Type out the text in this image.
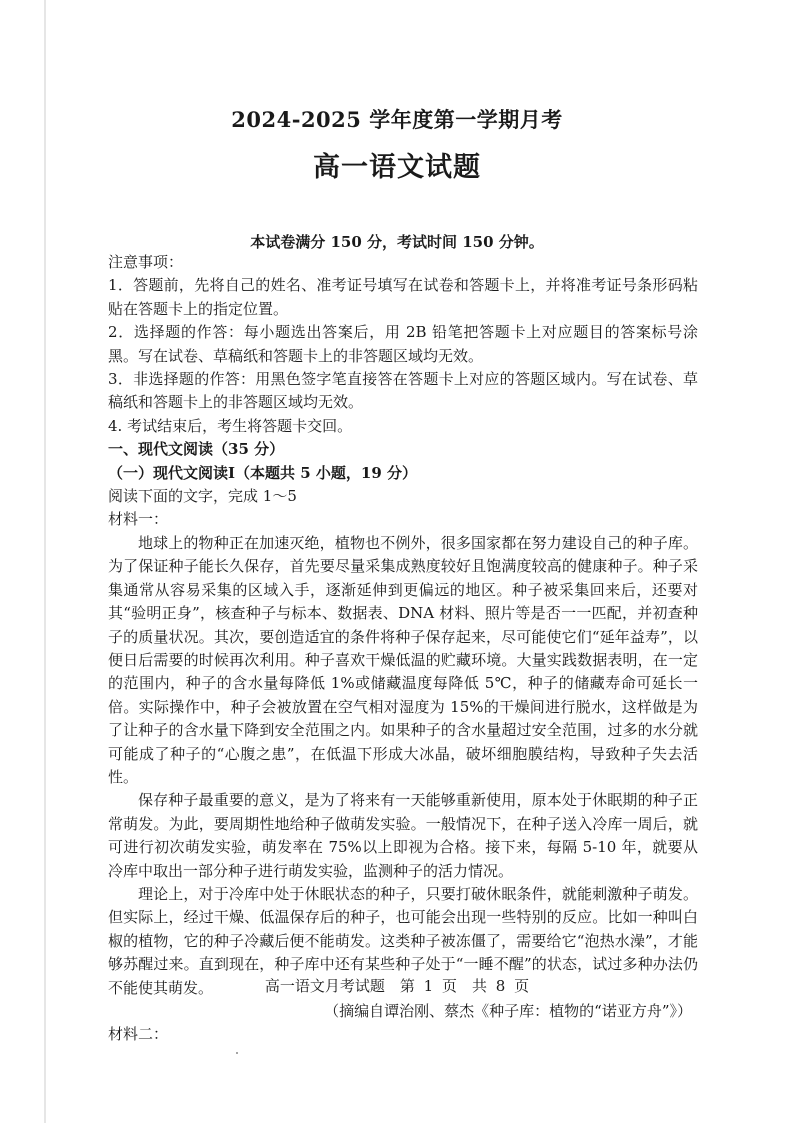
2024-2025 学年度第一学期月考
高一语文试题
本试卷满分 150 分，考试时间 150 分钟。

注意事项：

1．答题前，先将自己的姓名、准考证号填写在试卷和答题卡上，并将准考证号条形码粘贴在答题卡上的指定位置。

2．选择题的作答：每小题选出答案后，用 2B 铅笔把答题卡上对应题目的答案标号涂黑。写在试卷、草稿纸和答题卡上的非答题区域均无效。

3．非选择题的作答：用黑色签字笔直接答在答题卡上对应的答题区域内。写在试卷、草稿纸和答题卡上的非答题区域均无效。

4. 考试结束后，考生将答题卡交回。

一、现代文阅读（35 分）

（一）现代文阅读Ⅰ（本题共 5 小题，19 分）

阅读下面的文字，完成 1～5

材料一：

地球上的物种正在加速灭绝，植物也不例外，很多国家都在努力建设自己的种子库。为了保证种子能长久保存，首先要尽量采集成熟度较好且饱满度较高的健康种子。种子采集通常从容易采集的区域入手，逐渐延伸到更偏远的地区。种子被采集回来后，还要对其“验明正身”，核查种子与标本、数据表、DNA 材料、照片等是否一一匹配，并初查种子的质量状况。其次，要创造适宜的条件将种子保存起来，尽可能使它们“延年益寿”，以便日后需要的时候再次利用。种子喜欢干燥低温的贮藏环境。大量实践数据表明，在一定的范围内，种子的含水量每降低 1%或储藏温度每降低 5℃，种子的储藏寿命可延长一倍。实际操作中，种子会被放置在空气相对湿度为 15%的干燥间进行脱水，这样做是为了让种子的含水量下降到安全范围之内。如果种子的含水量超过安全范围，过多的水分就可能成了种子的“心腹之患”，在低温下形成大冰晶，破坏细胞膜结构，导致种子失去活性。

保存种子最重要的意义，是为了将来有一天能够重新使用，原本处于休眠期的种子正常萌发。为此，要周期性地给种子做萌发实验。一般情况下，在种子送入冷库一周后，就可进行初次萌发实验，萌发率在 75%以上即视为合格。接下来，每隔 5-10 年，就要从冷库中取出一部分种子进行萌发实验，监测种子的活力情况。

理论上，对于冷库中处于休眠状态的种子，只要打破休眠条件，就能刺激种子萌发。但实际上，经过干燥、低温保存后的种子，也可能会出现一些特别的反应。比如一种叫白椒的植物，它的种子冷藏后便不能萌发。这类种子被冻僵了，需要给它“泡热水澡”，才能够苏醒过来。直到现在，种子库中还有某些种子处于“一睡不醒”的状态，试过多种办法仍不能使其萌发。

（摘编自谭治刚、蔡杰《种子库：植物的“诺亚方舟”》）

材料二：

高一语文月考试题　第 1 页　共 8 页
